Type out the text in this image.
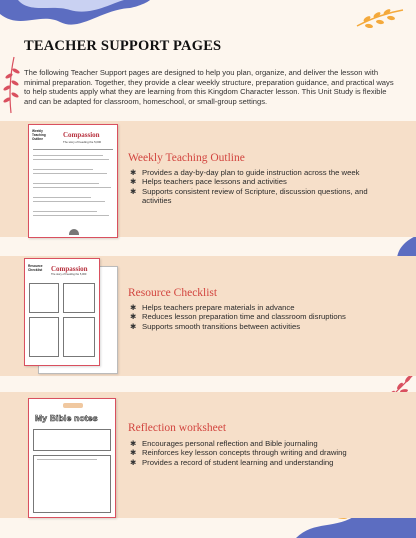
TEACHER SUPPORT PAGES

The following Teacher Support pages are designed to help you plan, organize, and deliver the lesson with minimal preparation. Together, they provide a clear weekly structure, preparation guidance, and practical ways to help students apply what they are learning from this Kingdom Character lesson. This Unit Study is flexible and can be adapted for classroom, homeschool, or small-group settings.

Weekly Teaching Outline	Compassion
The story of Feeding the 5,000
Weekly Teaching Outline
✱ Provides a day-by-day plan to guide instruction across the week
✱ Helps teachers pace lessons and activities
✱ Supports consistent review of Scripture, discussion questions, and activities
Resource Checklist	Compassion
The story of Feeding the 5,000
Resource Checklist
✱ Helps teachers prepare materials in advance
✱ Reduces lesson preparation time and classroom disruptions
✱ Supports smooth transitions between activities
My Bible notes
Reflection worksheet
✱ Encourages personal reflection and Bible journaling
✱ Reinforces key lesson concepts through writing and drawing
✱ Provides a record of student learning and understanding
